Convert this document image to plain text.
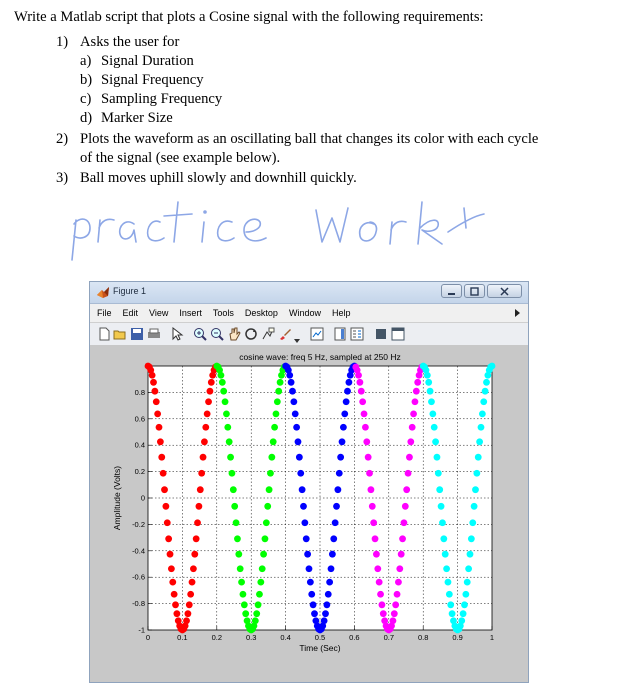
Write a Matlab script that plots a Cosine signal with the following requirements:

1) Asks the user for
a) Signal Duration
b) Signal Frequency
c) Sampling Frequency
d) Marker Size
2) Plots the waveform as an oscillating ball that changes its color with each cycle
of the signal (see example below).
3) Ball moves uphill slowly and downhill quickly.
Figure 1
File Edit View Insert Tools Desktop Window Help
0	0.1	0.2	0.3	0.4	0.5	0.6	0.7	0.8	0.9	1
-1
-0.8
-0.6
-0.4
-0.2
0
0.2
0.4
0.6
0.8
cosine wave: freq 5 Hz, sampled at 250 Hz
Time (Sec)
Amplitude (Volts)
